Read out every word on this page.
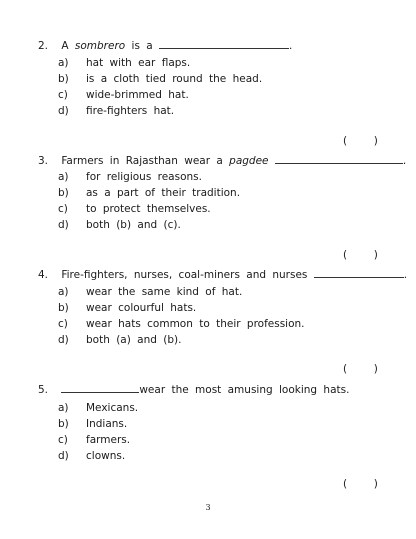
2. A sombrero is a	.
a) hat with ear flaps.
b) is a cloth tied round the head.
c) wide-brimmed hat.
d) fire-fighters hat.
(        )
3. Farmers in Rajasthan wear a pagdee	.
a) for religious reasons.
b) as a part of their tradition.
c) to protect themselves.
d) both (b) and (c).
(        )
4. Fire-fighters, nurses, coal-miners and nurses	.
a) wear the same kind of hat.
b) wear colourful hats.
c) wear hats common to their profession.
d) both (a) and (b).
(        )
5.	wear the most amusing looking hats.
a) Mexicans.
b) Indians.
c) farmers.
d) clowns.
(        )
3
